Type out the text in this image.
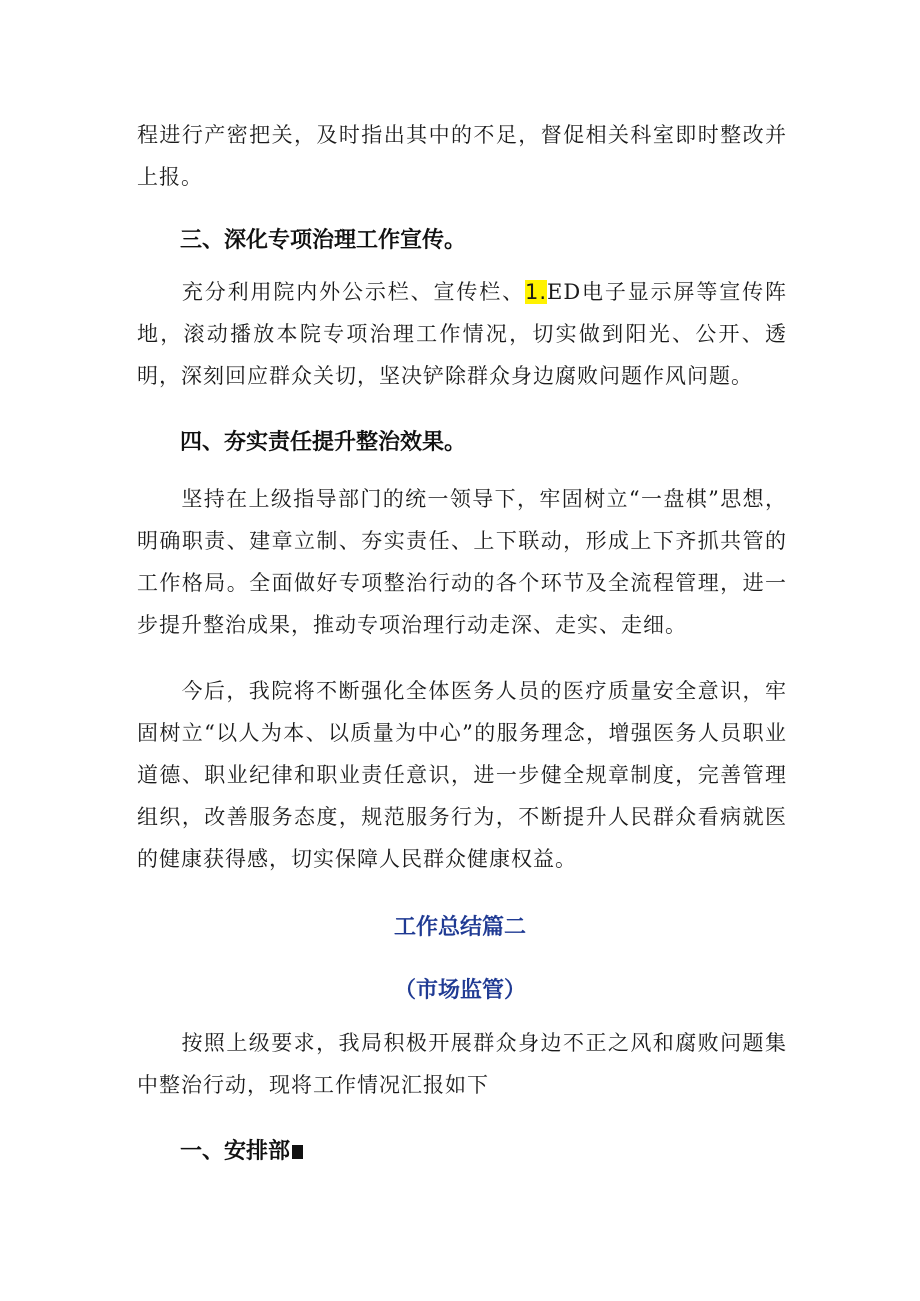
程进行产密把关，及时指出其中的不足，督促相关科室即时整改并上报。

三、深化专项治理工作宣传。

充分利用院内外公示栏、宣传栏、1.ED电子显示屏等宣传阵地，滚动播放本院专项治理工作情况，切实做到阳光、公开、透明，深刻回应群众关切，坚决铲除群众身边腐败问题作风问题。

四、夯实责任提升整治效果。

坚持在上级指导部门的统一领导下，牢固树立“一盘棋”思想，明确职责、建章立制、夯实责任、上下联动，形成上下齐抓共管的工作格局。全面做好专项整治行动的各个环节及全流程管理，进一步提升整治成果，推动专项治理行动走深、走实、走细。

今后，我院将不断强化全体医务人员的医疗质量安全意识，牢固树立“以人为本、以质量为中心”的服务理念，增强医务人员职业道德、职业纪律和职业责任意识，进一步健全规章制度，完善管理组织，改善服务态度，规范服务行为，不断提升人民群众看病就医的健康获得感，切实保障人民群众健康权益。

工作总结篇二
（市场监管）

按照上级要求，我局积极开展群众身边不正之风和腐败问题集中整治行动，现将工作情况汇报如下

一、安排部
